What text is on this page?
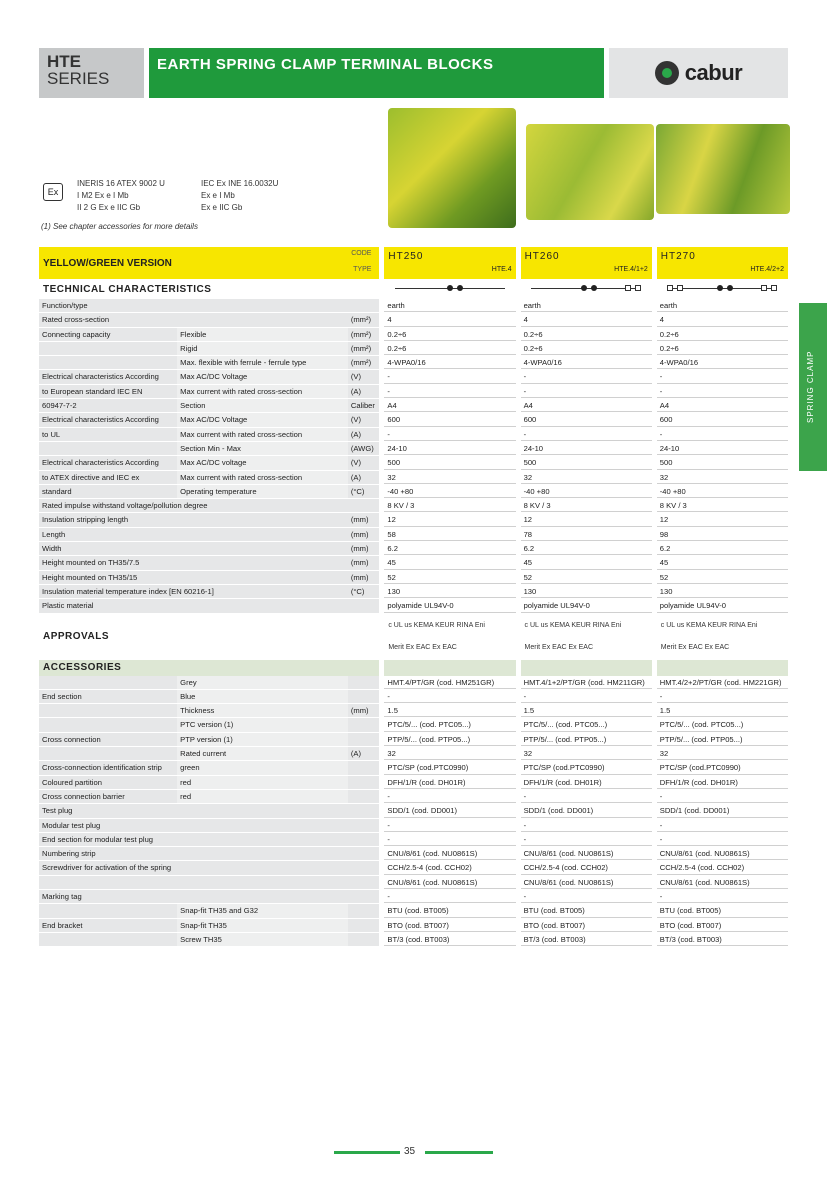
HTE
SERIES
EARTH SPRING CLAMP TERMINAL BLOCKS	cabur
Ex
INERIS 16 ATEX 9002 U
I M2 Ex e I Mb
II 2 G Ex e IIC Gb
IEC Ex INE 16.0032U
Ex e I Mb
Ex e IIC Gb
(1) See chapter accessories for more details
YELLOW/GREEN VERSION
CODE
TYPE
HT250
HTE.4
HT260
HTE.4/1+2
HT270
HTE.4/2+2
TECHNICAL CHARACTERISTICS
Function/type	earth	earth	earth
Rated cross-section	(mm²)	4	4	4
Connecting capacity	Flexible	(mm²)	0.2÷6	0.2÷6	0.2÷6
Rigid	(mm²)	0.2÷6	0.2÷6	0.2÷6
Max. flexible with ferrule - ferrule type	(mm²)	4-WPA0/16	4-WPA0/16	4-WPA0/16
Electrical characteristics According	Max AC/DC Voltage	(V)	-	-	-
to European standard IEC EN	Max current with rated cross-section	(A)	-	-	-
60947-7-2	Section	Caliber	A4	A4	A4
Electrical characteristics According	Max AC/DC Voltage	(V)	600	600	600
to UL	Max current with rated cross-section	(A)	-	-	-
Section Min - Max	(AWG)	24-10	24-10	24-10
Electrical characteristics According	Max AC/DC voltage	(V)	500	500	500
to ATEX directive and IEC ex	Max current with rated cross-section	(A)	32	32	32
standard	Operating temperature	(°C)	-40 +80	-40 +80	-40 +80
Rated impulse withstand voltage/pollution degree	8 KV / 3	8 KV / 3	8 KV / 3
Insulation stripping length	(mm)	12	12	12
Length	(mm)	58	78	98
Width	(mm)	6.2	6.2	6.2
Height mounted on TH35/7.5	(mm)	45	45	45
Height mounted on TH35/15	(mm)	52	52	52
Insulation material temperature index [EN 60216-1]	(°C)	130	130	130
Plastic material	polyamide UL94V-0	polyamide UL94V-0	polyamide UL94V-0
APPROVALS
c UL us KEMA KEUR RINA Eni
Merit Ex EAC Ex EAC
c UL us KEMA KEUR RINA Eni
Merit Ex EAC Ex EAC
c UL us KEMA KEUR RINA Eni
Merit Ex EAC Ex EAC
ACCESSORIES
Grey	HMT.4/PT/GR (cod. HM251GR)	HMT.4/1+2/PT/GR (cod. HM211GR)	HMT.4/2+2/PT/GR (cod. HM221GR)
End section	Blue	-	-	-
Thickness	(mm)	1.5	1.5	1.5
PTC version (1)	PTC/5/... (cod. PTC05...)	PTC/5/... (cod. PTC05...)	PTC/5/... (cod. PTC05...)
Cross connection	PTP version (1)	PTP/5/... (cod. PTP05...)	PTP/5/... (cod. PTP05...)	PTP/5/... (cod. PTP05...)
Rated current	(A)	32	32	32
Cross-connection identification strip	green	PTC/SP (cod.PTC0990)	PTC/SP (cod.PTC0990)	PTC/SP (cod.PTC0990)
Coloured partition	red	DFH/1/R (cod. DH01R)	DFH/1/R (cod. DH01R)	DFH/1/R (cod. DH01R)
Cross connection barrier	red	-	-	-
Test plug	SDD/1 (cod. DD001)	SDD/1 (cod. DD001)	SDD/1 (cod. DD001)
Modular test plug	-	-	-
End section for modular test plug	-	-	-
Numbering strip	CNU/8/61 (cod. NU0861S)	CNU/8/61 (cod. NU0861S)	CNU/8/61 (cod. NU0861S)
Screwdriver for activation of the spring	CCH/2.5-4 (cod. CCH02)	CCH/2.5-4 (cod. CCH02)	CCH/2.5-4 (cod. CCH02)
CNU/8/61 (cod. NU0861S)	CNU/8/61 (cod. NU0861S)	CNU/8/61 (cod. NU0861S)
Marking tag	-	-	-
Snap-fit TH35 and G32	BTU (cod. BT005)	BTU (cod. BT005)	BTU (cod. BT005)
End bracket	Snap-fit TH35	BTO (cod. BT007)	BTO (cod. BT007)	BTO (cod. BT007)
Screw TH35	BT/3 (cod. BT003)	BT/3 (cod. BT003)	BT/3 (cod. BT003)
SPRING CLAMP
35
